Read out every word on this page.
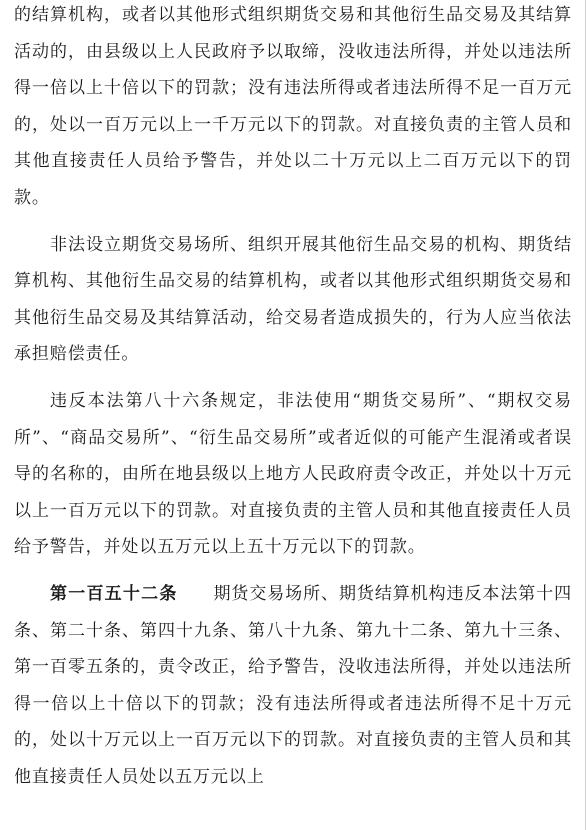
的结算机构，或者以其他形式组织期货交易和其他衍生品交易及其结算活动的，由县级以上人民政府予以取缔，没收违法所得，并处以违法所得一倍以上十倍以下的罚款；没有违法所得或者违法所得不足一百万元的，处以一百万元以上一千万元以下的罚款。对直接负责的主管人员和其他直接责任人员给予警告，并处以二十万元以上二百万元以下的罚款。

非法设立期货交易场所、组织开展其他衍生品交易的机构、期货结算机构、其他衍生品交易的结算机构，或者以其他形式组织期货交易和其他衍生品交易及其结算活动，给交易者造成损失的，行为人应当依法承担赔偿责任。

违反本法第八十六条规定，非法使用“期货交易所”、“期权交易所”、“商品交易所”、“衍生品交易所”或者近似的可能产生混淆或者误导的名称的，由所在地县级以上地方人民政府责令改正，并处以十万元以上一百万元以下的罚款。对直接负责的主管人员和其他直接责任人员给予警告，并处以五万元以上五十万元以下的罚款。

第一百五十二条　　 期货交易场所、期货结算机构违反本法第十四条、第二十条、第四十九条、第八十九条、第九十二条、第九十三条、第一百零五条的，责令改正，给予警告，没收违法所得，并处以违法所得一倍以上十倍以下的罚款；没有违法所得或者违法所得不足十万元的，处以十万元以上一百万元以下的罚款。对直接负责的主管人员和其他直接责任人员处以五万元以上
